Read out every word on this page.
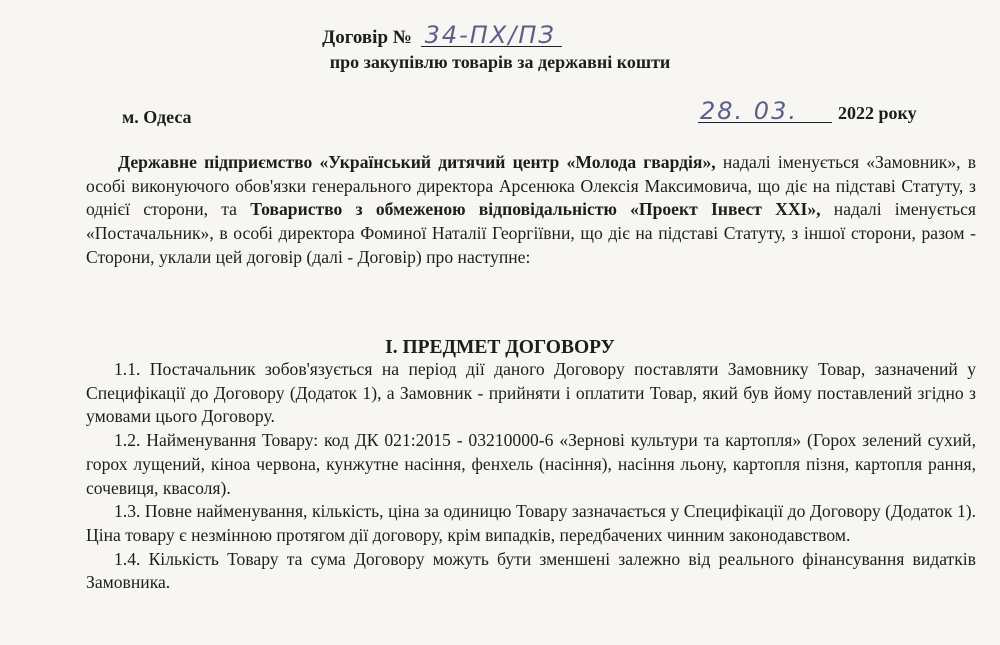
Договір № 34-ПХ/ПЗ
про закупівлю товарів за державні кошти
м. Одеса	28. 03. 2022 року

Державне підприємство «Український дитячий центр «Молода гвардія», надалі іменується «Замовник», в особі виконуючого обов'язки генерального директора Арсенюка Олексія Максимовича, що діє на підставі Статуту, з однієї сторони, та Товариство з обмеженою відповідальністю «Проект Інвест XXI», надалі іменується «Постачальник», в особі директора Фоминої Наталії Георгіївни, що діє на підставі Статуту, з іншої сторони, разом - Сторони, уклали цей договір (далі - Договір) про наступне:

І. ПРЕДМЕТ ДОГОВОРУ

1.1. Постачальник зобов'язується на період дії даного Договору поставляти Замовнику Товар, зазначений у Специфікації до Договору (Додаток 1), а Замовник - прийняти і оплатити Товар, який був йому поставлений згідно з умовами цього Договору.

1.2. Найменування Товару: код ДК 021:2015 - 03210000-6 «Зернові культури та картопля» (Горох зелений сухий, горох лущений, кіноа червона, кунжутне насіння, фенхель (насіння), насіння льону, картопля пізня, картопля рання, сочевиця, квасоля).

1.3. Повне найменування, кількість, ціна за одиницю Товару зазначається у Специфікації до Договору (Додаток 1). Ціна товару є незмінною протягом дії договору, крім випадків, передбачених чинним законодавством.

1.4. Кількість Товару та сума Договору можуть бути зменшені залежно від реального фінансування видатків Замовника.
